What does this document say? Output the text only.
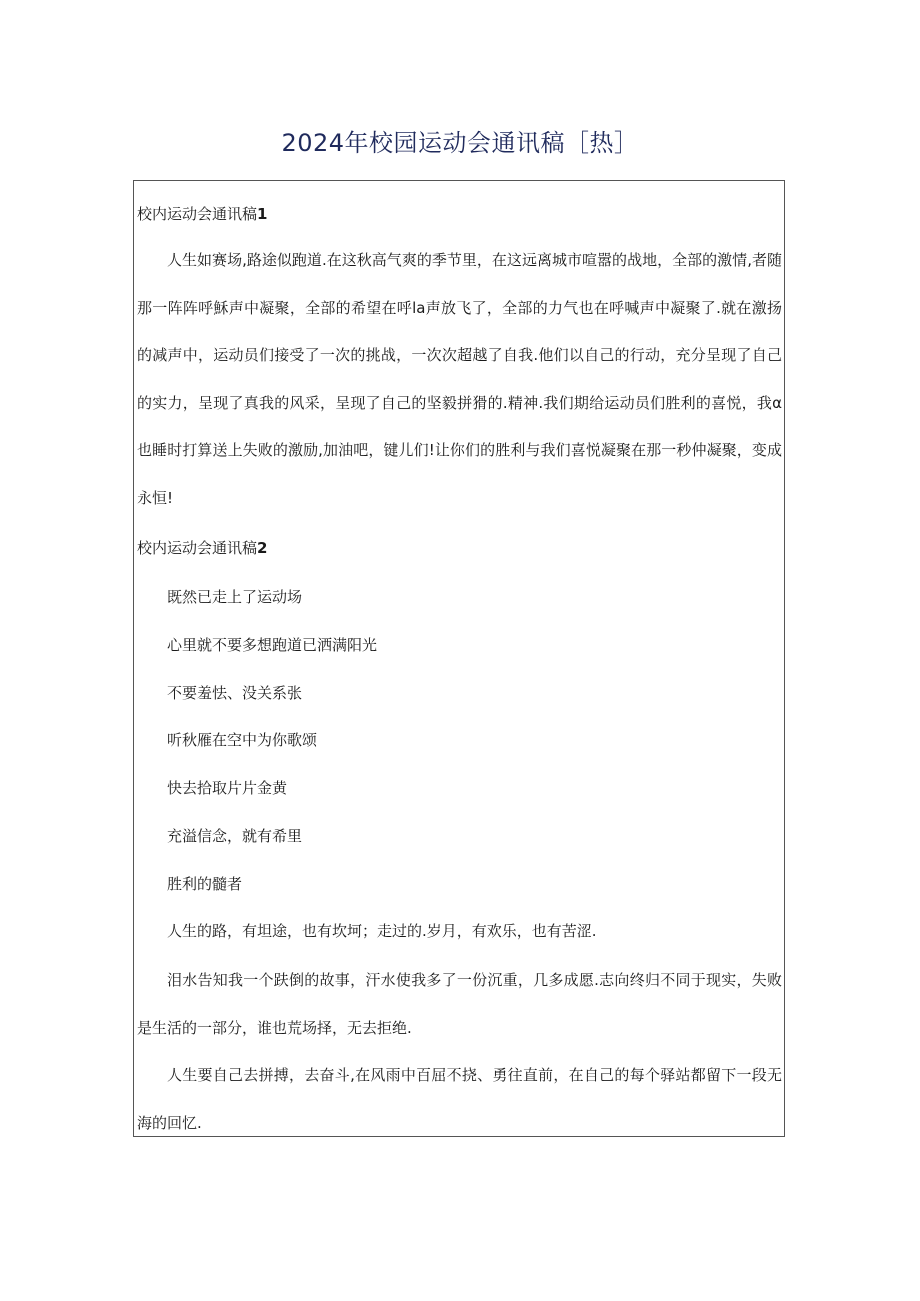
2024年校园运动会通讯稿［热］
校内运动会通讯稿1

人生如赛场,路途似跑道.在这秋高气爽的季节里，在这远离城市喧嚣的战地，全部的激情,者随那一阵阵呼穌声中凝聚，全部的希望在呼la声放飞了，全部的力气也在呼喊声中凝聚了.就在激扬的减声中，运动员们接受了一次的挑战，一次次超越了自我.他们以自己的行动，充分呈现了自己的实力，呈现了真我的风采，呈现了自己的坚毅拼猾的.精神.我们期给运动员们胜利的喜悦，我α也睡时打算送上失败的激励,加油吧，键儿们!让你们的胜利与我们喜悦凝聚在那一秒仲凝聚，变成永恒!

校内运动会通讯稿2
既然已走上了运动场
心里就不要多想跑道已洒满阳光
不要羞怯、没关系张
听秋雁在空中为你歌颂
快去拾取片片金黄
充溢信念，就有希里
胜利的髓者
人生的路，有坦途，也有坎坷；走过的.岁月，有欢乐，也有苦涩.

泪水告知我一个趺倒的故事，汗水使我多了一份沉重，几多成愿.志向终归不同于现实，失败是生活的一部分，谁也荒场择，无去拒绝.

人生要自己去拼搏，去奋斗,在风雨中百屈不挠、勇往直前，在自己的每个驿站都留下一段无海的回忆.
